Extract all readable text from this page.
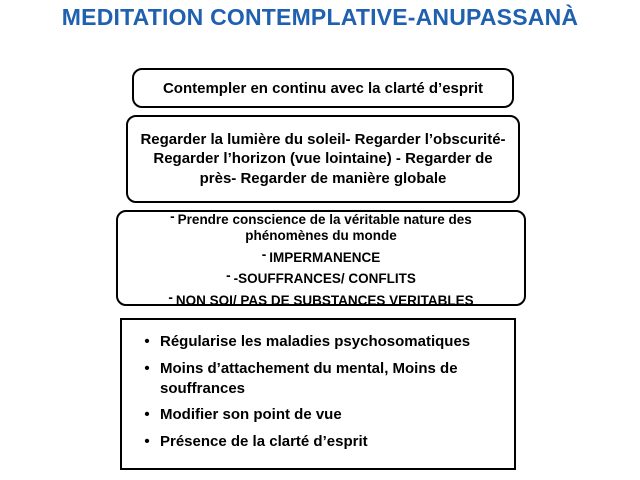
MEDITATION CONTEMPLATIVE-ANUPASSANÀ
Contempler en continu avec la clarté d’esprit
Regarder la lumière du soleil- Regarder l’obscurité- Regarder l’horizon (vue lointaine) - Regarder de près- Regarder de manière globale
- Prendre conscience de la véritable nature des phénomènes du monde
- IMPERMANENCE
- -SOUFFRANCES/ CONFLITS
- NON SOI/ PAS DE SUBSTANCES VERITABLES
• Régularise les maladies psychosomatiques
• Moins d’attachement du mental, Moins de souffrances
• Modifier son point de vue
• Présence de la clarté d’esprit
